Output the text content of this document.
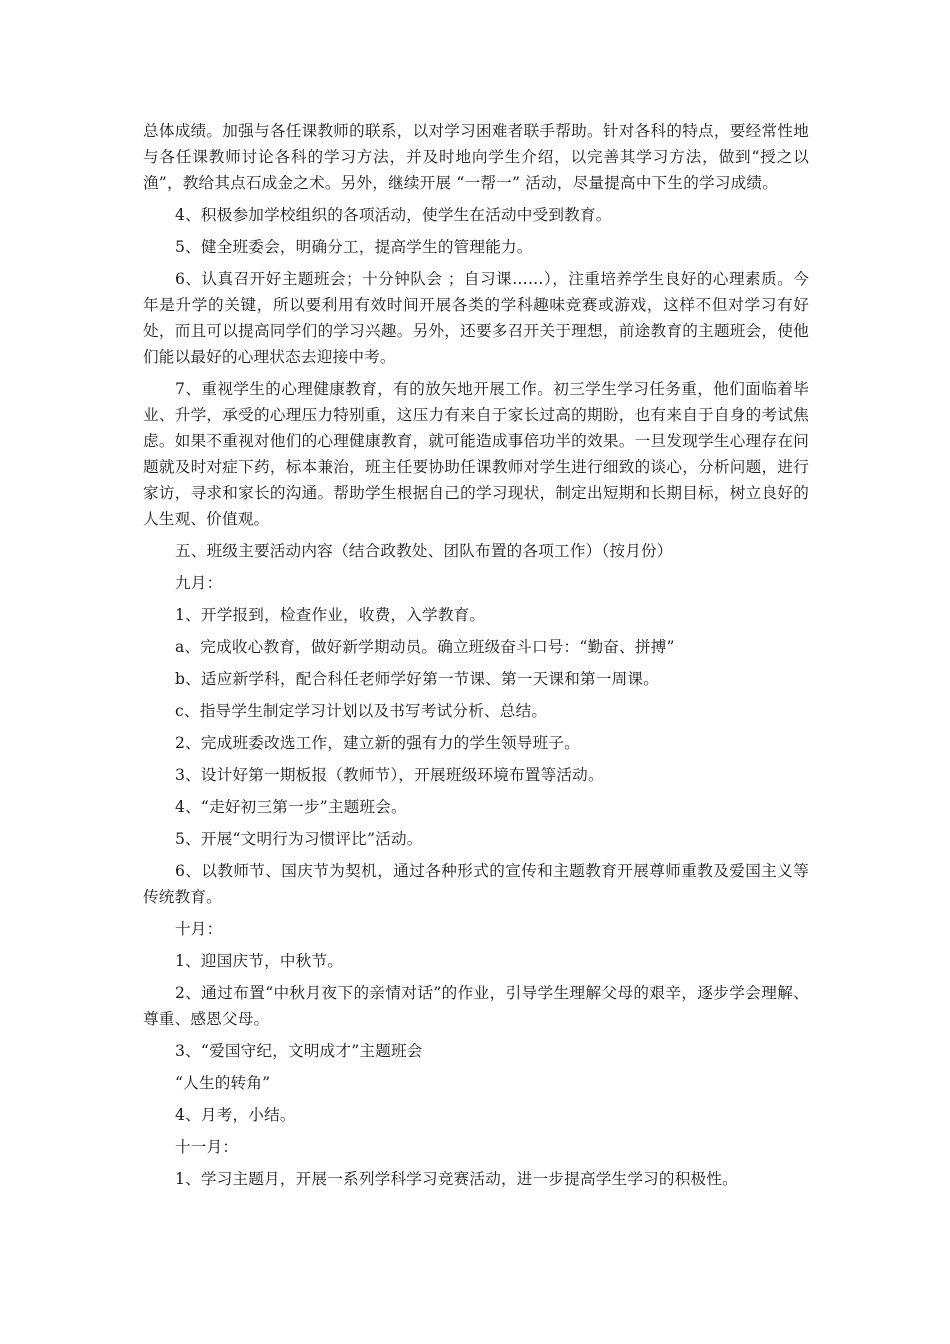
总体成绩。加强与各任课教师的联系，以对学习困难者联手帮助。针对各科的特点，要经常性地与各任课教师讨论各科的学习方法，并及时地向学生介绍，以完善其学习方法，做到“授之以渔”，教给其点石成金之术。另外，继续开展 “一帮一” 活动，尽量提高中下生的学习成绩。

4、积极参加学校组织的各项活动，使学生在活动中受到教育。

5、健全班委会，明确分工，提高学生的管理能力。

6、认真召开好主题班会；十分钟队会 ；自习课……），注重培养学生良好的心理素质。今年是升学的关键，所以要利用有效时间开展各类的学科趣味竞赛或游戏，这样不但对学习有好处，而且可以提高同学们的学习兴趣。另外，还要多召开关于理想，前途教育的主题班会，使他们能以最好的心理状态去迎接中考。

7、重视学生的心理健康教育，有的放矢地开展工作。初三学生学习任务重，他们面临着毕业、升学，承受的心理压力特别重，这压力有来自于家长过高的期盼，也有来自于自身的考试焦虑。如果不重视对他们的心理健康教育，就可能造成事倍功半的效果。一旦发现学生心理存在问题就及时对症下药，标本兼治，班主任要协助任课教师对学生进行细致的谈心，分析问题，进行家访，寻求和家长的沟通。帮助学生根据自己的学习现状，制定出短期和长期目标，树立良好的人生观、价值观。

五、班级主要活动内容（结合政教处、团队布置的各项工作）（按月份）

九月：

1、开学报到，检查作业，收费，入学教育。

a、完成收心教育，做好新学期动员。确立班级奋斗口号：“勤奋、拼搏”

b、适应新学科，配合科任老师学好第一节课、第一天课和第一周课。

c、指导学生制定学习计划以及书写考试分析、总结。

2、完成班委改选工作，建立新的强有力的学生领导班子。

3、设计好第一期板报（教师节），开展班级环境布置等活动。

4、“走好初三第一步”主题班会。

5、开展“文明行为习惯评比”活动。

6、以教师节、国庆节为契机，通过各种形式的宣传和主题教育开展尊师重教及爱国主义等传统教育。

十月：

1、迎国庆节，中秋节。

2、通过布置“中秋月夜下的亲情对话”的作业，引导学生理解父母的艰辛，逐步学会理解、尊重、感恩父母。

3、“爱国守纪，文明成才”主题班会

“人生的转角”

4、月考，小结。

十一月：

1、学习主题月，开展一系列学科学习竞赛活动，进一步提高学生学习的积极性。
